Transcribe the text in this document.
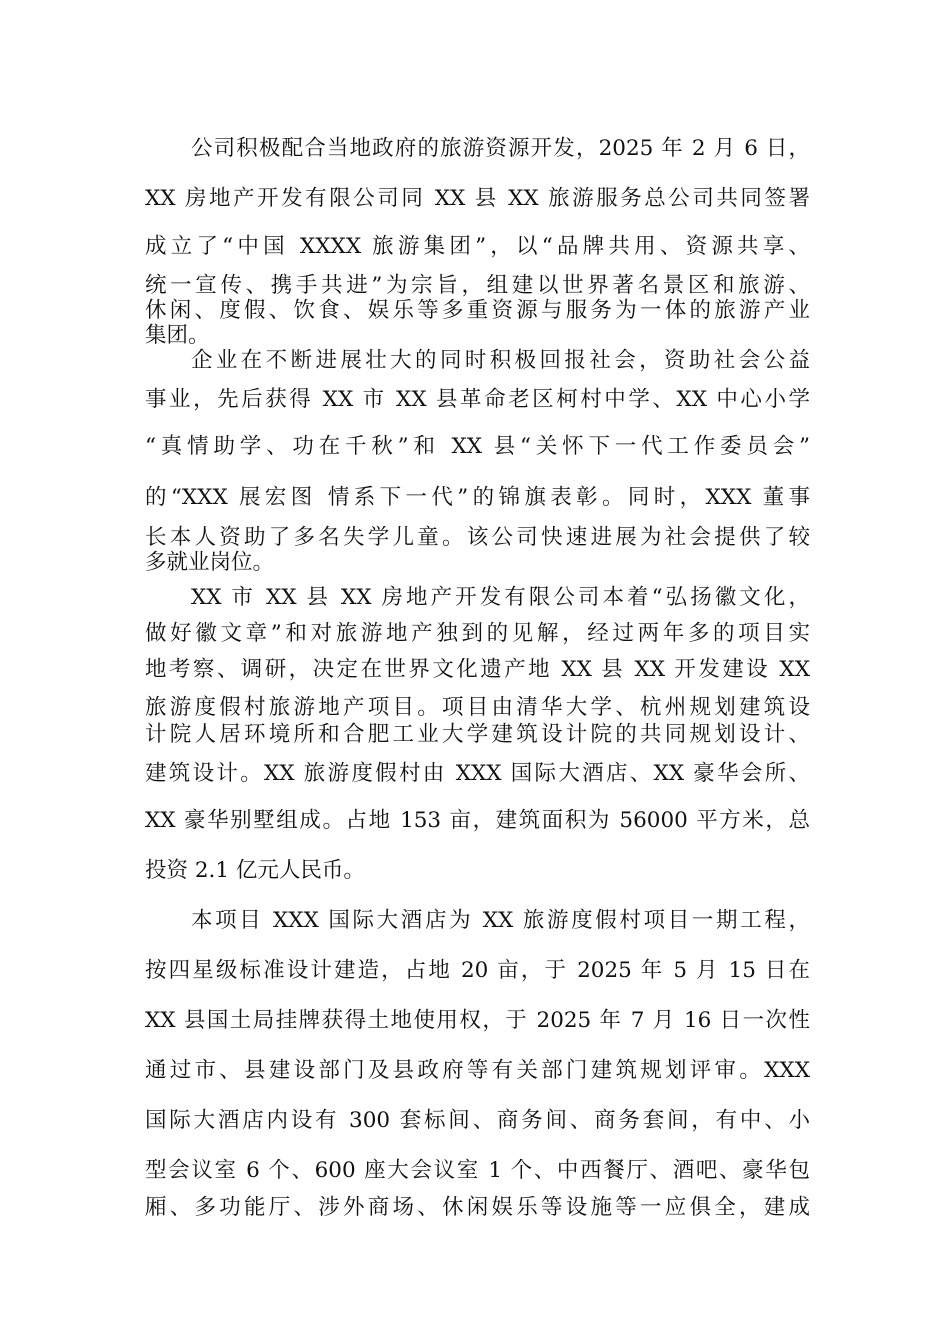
公司积极配合当地政府的旅游资源开发，2025 年 2 月 6 日，
XX 房地产开发有限公司同 XX 县 XX 旅游服务总公司共同签署
成立了“中国 XXXX 旅游集团”，以“品牌共用、资源共享、
统一宣传、携手共进”为宗旨，组建以世界著名景区和旅游、
休闲、度假、饮食、娱乐等多重资源与服务为一体的旅游产业
集团。
企业在不断进展壮大的同时积极回报社会，资助社会公益
事业，先后获得 XX 市 XX 县革命老区柯村中学、XX 中心小学
“真情助学、功在千秋”和 XX 县“关怀下一代工作委员会”
的“XXX 展宏图 情系下一代”的锦旗表彰。同时，XXX 董事
长本人资助了多名失学儿童。该公司快速进展为社会提供了较
多就业岗位。
XX 市 XX 县 XX 房地产开发有限公司本着“弘扬徽文化，
做好徽文章”和对旅游地产独到的见解，经过两年多的项目实
地考察、调研，决定在世界文化遗产地 XX 县 XX 开发建设 XX
旅游度假村旅游地产项目。项目由清华大学、杭州规划建筑设
计院人居环境所和合肥工业大学建筑设计院的共同规划设计、
建筑设计。XX 旅游度假村由 XXX 国际大酒店、XX 豪华会所、
XX 豪华别墅组成。占地 153 亩，建筑面积为 56000 平方米，总
投资 2.1 亿元人民币。
本项目 XXX 国际大酒店为 XX 旅游度假村项目一期工程，
按四星级标准设计建造，占地 20 亩，于 2025 年 5 月 15 日在
XX 县国土局挂牌获得土地使用权，于 2025 年 7 月 16 日一次性
通过市、县建设部门及县政府等有关部门建筑规划评审。XXX
国际大酒店内设有 300 套标间、商务间、商务套间，有中、小
型会议室 6 个、600 座大会议室 1 个、中西餐厅、酒吧、豪华包
厢、多功能厅、涉外商场、休闲娱乐等设施等一应俱全，建成
